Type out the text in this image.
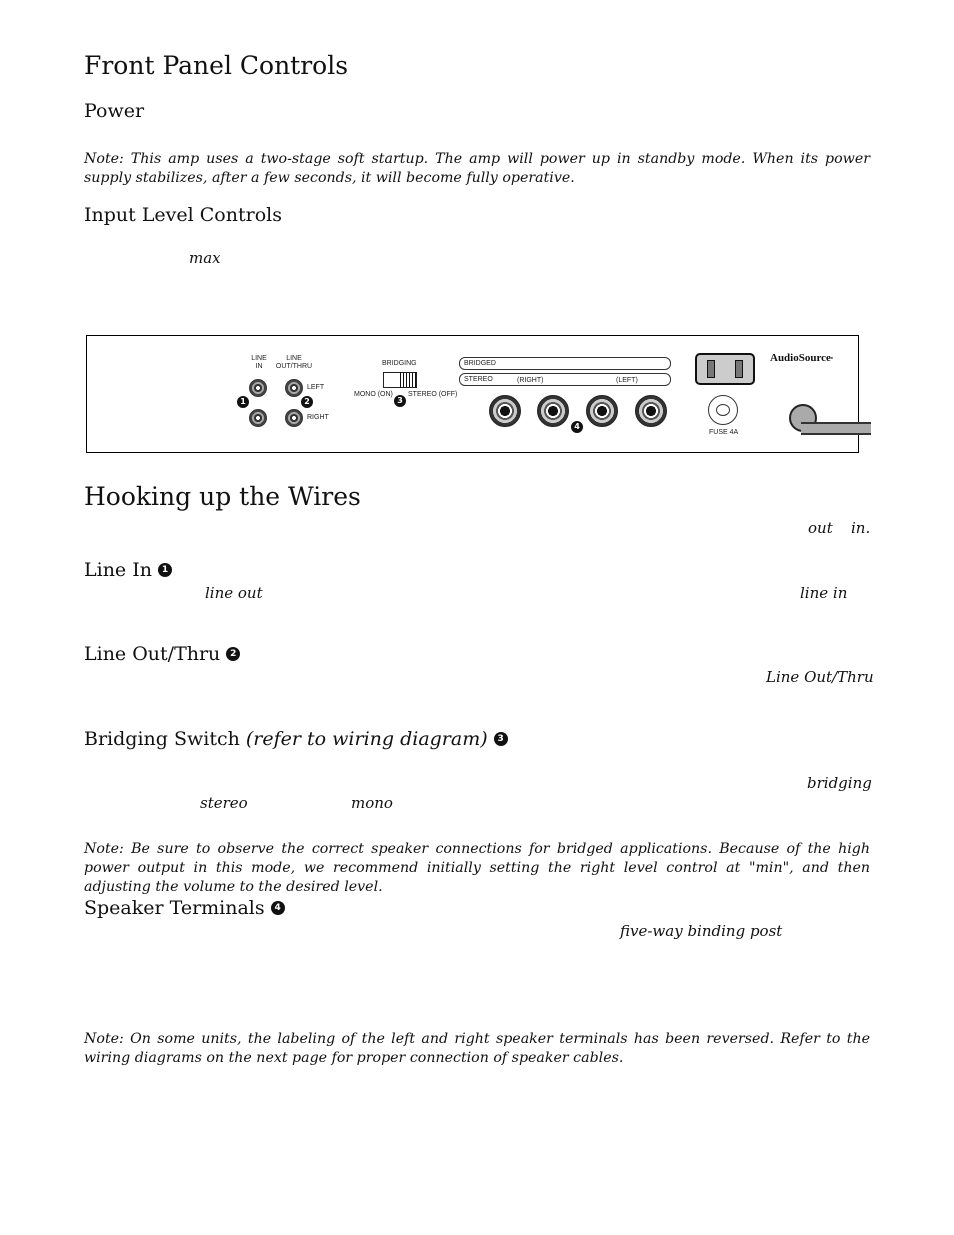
Front Panel Controls
Power
Note: This amp uses a two-stage soft startup. The amp will power up in standby mode. When its power supply stabilizes, after a few seconds, it will become fully operative.
Input Level Controls
max
LINE
IN
LINE
OUT/THRU
LEFT
RIGHT
1	2
BRIDGING
MONO (ON) STEREO (OFF)
3
BRIDGED
STEREO	(RIGHT)	(LEFT)
4
FUSE 4A
AudioSource•
Hooking up the Wires
out in.
Line In 1
line out	line in
Line Out/Thru 2
Line Out/Thru
Bridging Switch (refer to wiring diagram) 3
bridging
stereo	mono
Note: Be sure to observe the correct speaker connections for bridged applications. Because of the high power output in this mode, we recommend initially setting the right level control at "min", and then adjusting the volume to the desired level.
Speaker Terminals 4
five-way binding post
Note: On some units, the labeling of the left and right speaker terminals has been reversed. Refer to the wiring diagrams on the next page for proper connection of speaker cables.
